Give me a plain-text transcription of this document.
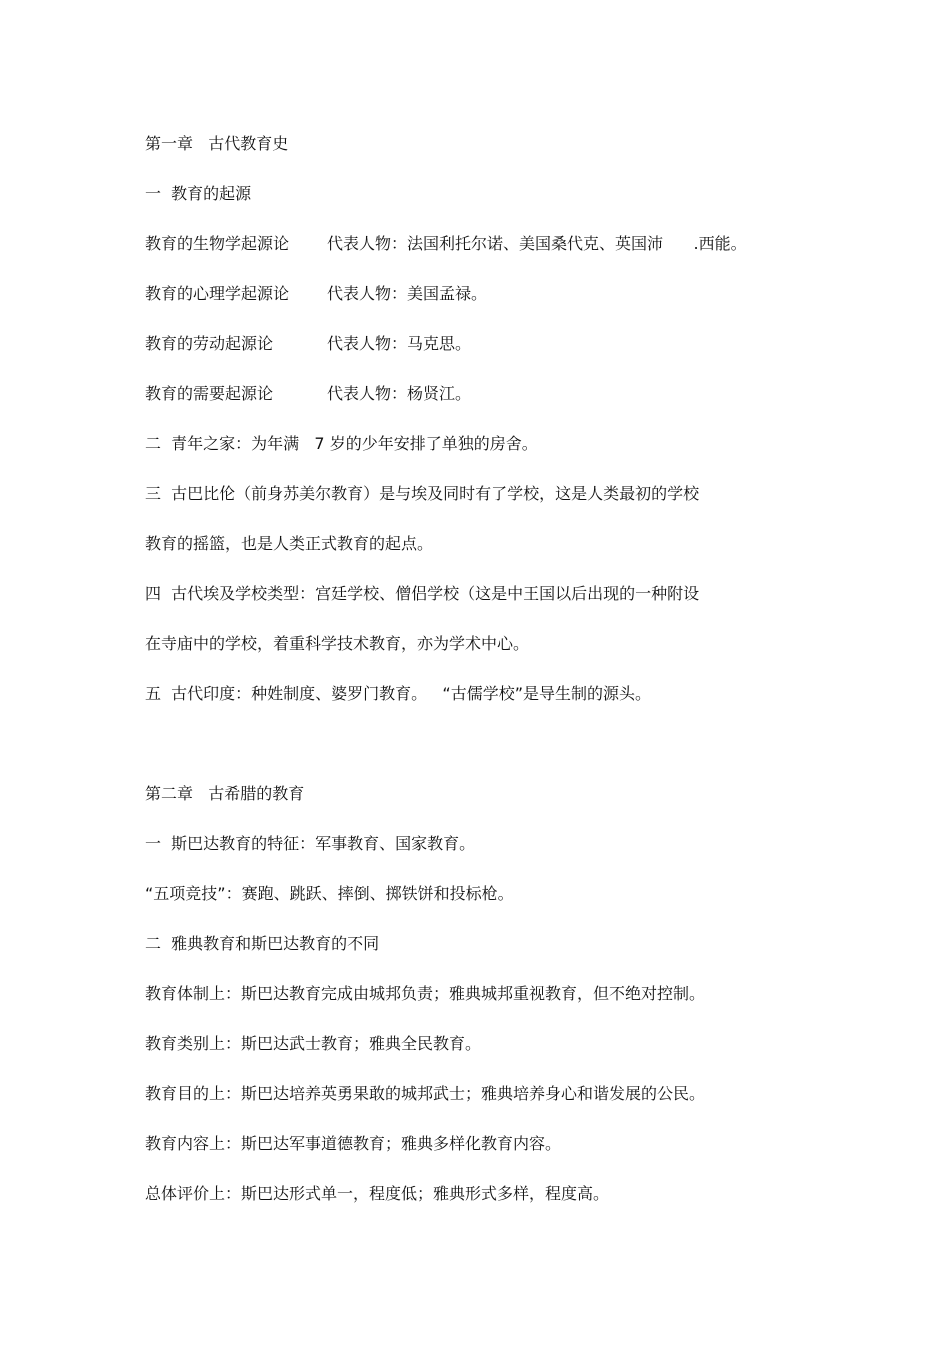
第一章   古代教育史
一  教育的起源
教育的生物学起源论 代表人物：法国利托尔诺、美国桑代克、英国沛      .西能。
教育的心理学起源论 代表人物：美国孟禄。
教育的劳动起源论	代表人物：马克思。
教育的需要起源论	代表人物：杨贤江。
二  青年之家：为年满   7 岁的少年安排了单独的房舍。
三  古巴比伦（前身苏美尔教育）是与埃及同时有了学校，这是人类最初的学校
教育的摇篮，也是人类正式教育的起点。
四  古代埃及学校类型：宫廷学校、僧侣学校（这是中王国以后出现的一种附设
在寺庙中的学校，着重科学技术教育，亦为学术中心。
五  古代印度：种姓制度、婆罗门教育。   “古儒学校”是导生制的源头。
第二章   古希腊的教育
一  斯巴达教育的特征：军事教育、国家教育。
“五项竞技”：赛跑、跳跃、摔倒、掷铁饼和投标枪。
二  雅典教育和斯巴达教育的不同
教育体制上：斯巴达教育完成由城邦负责；雅典城邦重视教育，但不绝对控制。
教育类别上：斯巴达武士教育；雅典全民教育。
教育目的上：斯巴达培养英勇果敢的城邦武士；雅典培养身心和谐发展的公民。
教育内容上：斯巴达军事道德教育；雅典多样化教育内容。
总体评价上：斯巴达形式单一，程度低；雅典形式多样，程度高。
